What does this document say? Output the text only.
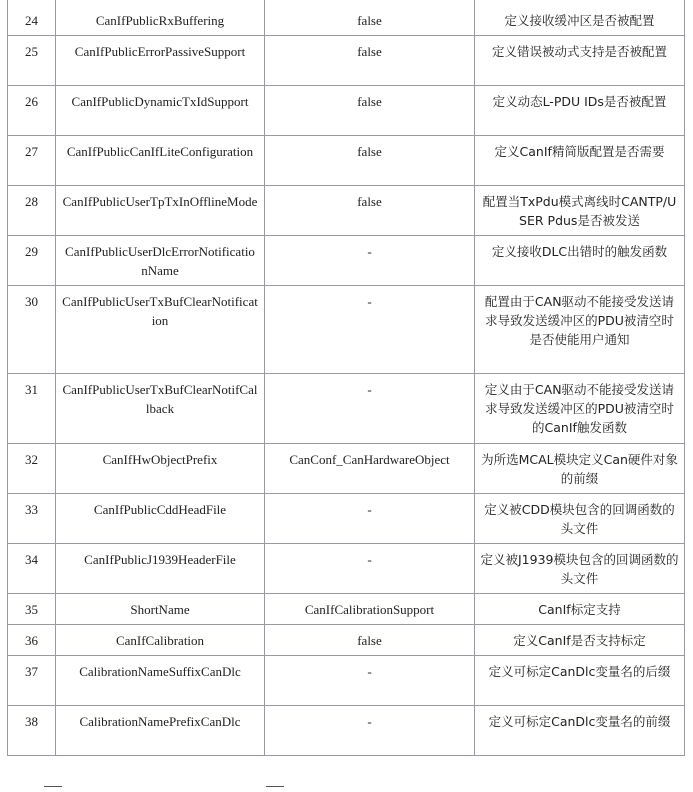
24	CanIfPublicRxBuffering	false	定义接收缓冲区是否被配置
25	CanIfPublicErrorPassiveSupport	false	定义错误被动式支持是否被配置
26	CanIfPublicDynamicTxIdSupport	false	定义动态L-PDU IDs是否被配置
27	CanIfPublicCanIfLiteConfiguration	false	定义CanIf精简版配置是否需要
28	CanIfPublicUserTpTxInOfflineMode	false	配置当TxPdu模式离线时CANTP/USER Pdus是否被发送
29	CanIfPublicUserDlcErrorNotificationName	-	定义接收DLC出错时的触发函数
30	CanIfPublicUserTxBufClearNotification	-	配置由于CAN驱动不能接受发送请求导致发送缓冲区的PDU被清空时是否使能用户通知
31	CanIfPublicUserTxBufClearNotifCallback	-	定义由于CAN驱动不能接受发送请求导致发送缓冲区的PDU被清空时的CanIf触发函数
32	CanIfHwObjectPrefix	CanConf_CanHardwareObject	为所选MCAL模块定义Can硬件对象的前缀
33	CanIfPublicCddHeadFile	-	定义被CDD模块包含的回调函数的头文件
34	CanIfPublicJ1939HeaderFile	-	定义被J1939模块包含的回调函数的头文件
35	ShortName	CanIfCalibrationSupport	CanIf标定支持
36	CanIfCalibration	false	定义CanIf是否支持标定
37	CalibrationNameSuffixCanDlc	-	定义可标定CanDlc变量名的后缀
38	CalibrationNamePrefixCanDlc	-	定义可标定CanDlc变量名的前缀
